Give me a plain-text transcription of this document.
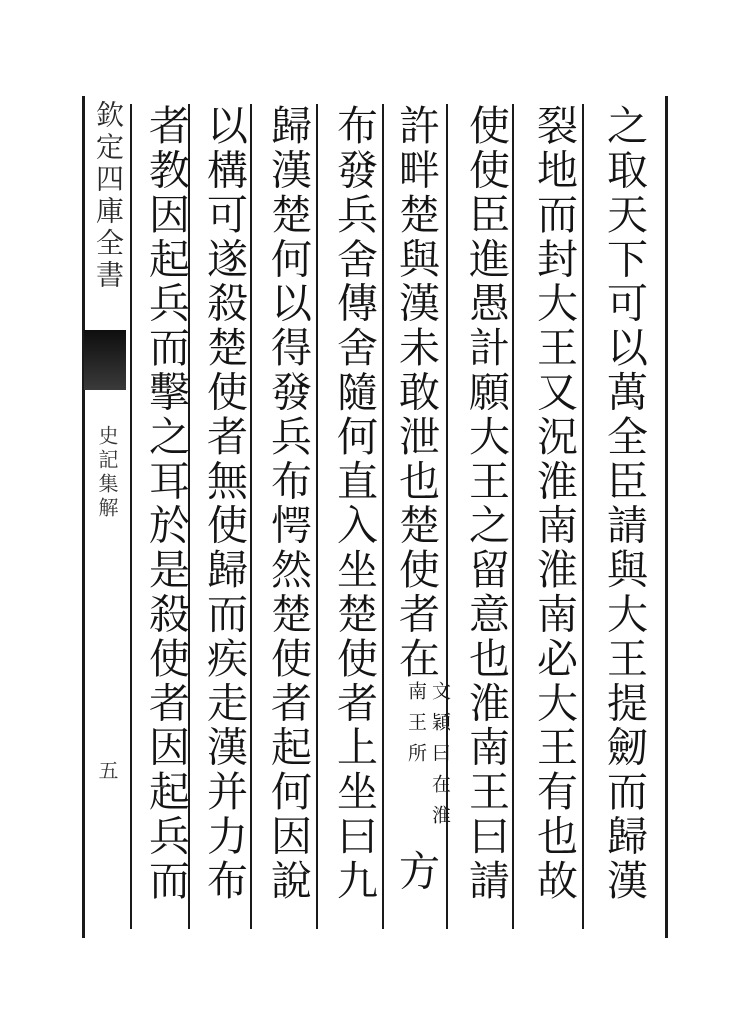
欽定四庫全書
史記集解
五
之取天下可以萬全臣請與大王提劒而歸漢
裂地而封大王又況淮南淮南必大王有也故
使使臣進愚計願大王之留意也淮南王曰請
許畔楚與漢未敢泄也楚使者在文穎曰在淮南王所方
布發兵舍傳舍隨何直入坐楚使者上坐曰九
歸漢楚何以得發兵布愕然楚使者起何因說
以構可遂殺楚使者無使歸而疾走漢并力布
者教因起兵而擊之耳於是殺使者因起兵而
